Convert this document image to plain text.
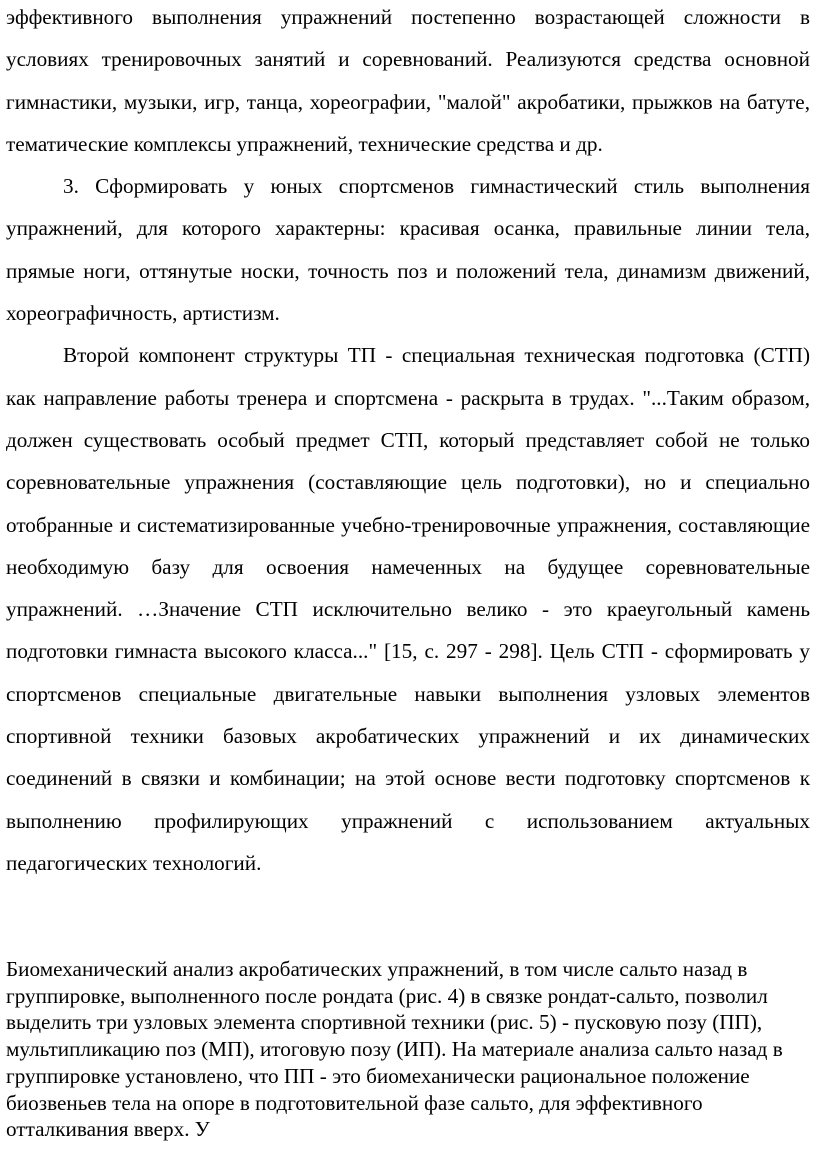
эффективного выполнения упражнений постепенно возрастающей сложности в условиях тренировочных занятий и соревнований. Реализуются средства основной гимнастики, музыки, игр, танца, хореографии, "малой" акробатики, прыжков на батуте, тематические комплексы упражнений, технические средства и др.

3. Сформировать у юных спортсменов гимнастический стиль выполнения упражнений, для которого характерны: красивая осанка, правильные линии тела, прямые ноги, оттянутые носки, точность поз и положений тела, динамизм движений, хореографичность, артистизм.

Второй компонент структуры ТП - специальная техническая подготовка (СТП) как направление работы тренера и спортсмена - раскрыта в трудах. "...Таким образом, должен существовать особый предмет СТП, который представляет собой не только соревновательные упражнения (составляющие цель подготовки), но и специально отобранные и систематизированные учебно-тренировочные упражнения, составляющие необходимую базу для освоения намеченных на будущее соревновательные упражнений. …Значение СТП исключительно велико - это краеугольный камень подготовки гимнаста высокого класса..." [15, с. 297 - 298]. Цель СТП - сформировать у спортсменов специальные двигательные навыки выполнения узловых элементов спортивной техники базовых акробатических упражнений и их динамических соединений в связки и комбинации; на этой основе вести подготовку спортсменов к выполнению профилирующих упражнений с использованием актуальных педагогических технологий.

Биомеханический анализ акробатических упражнений, в том числе сальто назад в группировке, выполненного после рондата (рис. 4) в связке рондат-сальто, позволил выделить три узловых элемента спортивной техники (рис. 5) - пусковую позу (ПП), мультипликацию поз (МП), итоговую позу (ИП). На материале анализа сальто назад в группировке установлено, что ПП - это биомеханически рациональное положение биозвеньев тела на опоре в подготовительной фазе сальто, для эффективного отталкивания вверх. У
